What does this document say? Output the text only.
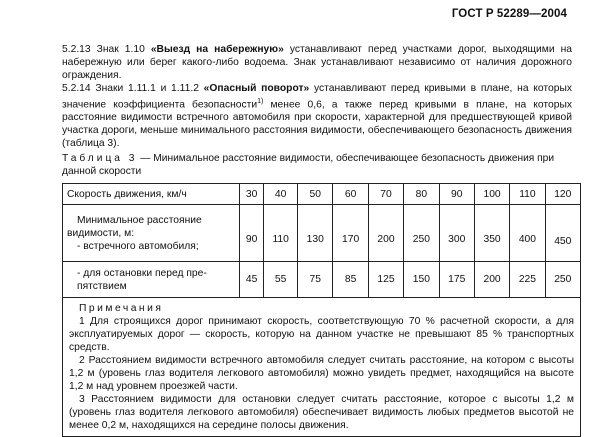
ГОСТ Р 52289—2004
5.2.13 Знак 1.10 «Выезд на набережную» устанавливают перед участками дорог, выходящими на набережную или берег какого-либо водоема. Знак устанавливают независимо от наличия дорожного ограждения.
5.2.14 Знаки 1.11.1 и 1.11.2 «Опасный поворот» устанавливают перед кривыми в плане, на которых значение коэффициента безопасности$^{1)}$ менее 0,6, а также перед кривыми в плане, на которых расстояние видимости встречного автомобиля при скорости, характерной для предшествующей кривой участка дороги, меньше минимального расстояния видимости, обеспечивающего безопасность движения (таблица 3).
Таблица 3 — Минимальное расстояние видимости, обеспечивающее безопасность движения при данной скорости
Скорость движения, км/ч	30	40	50	60	70	80	90	100	110	120

Минимальное расстояние
видимости, м:
- встречного автомобиля;	90	110	130	170	200	250	300	350	400	450

- для остановки перед пре-
пятствием	45	55	75	85	125	150	175	200	225	250

Примечания
1 Для строящихся дорог принимают скорость, соответствующую 70 % расчетной скорости, а для эксплуатируемых дорог — скорость, которую на данном участке не превышают 85 % транспортных средств.
2 Расстоянием видимости встречного автомобиля следует считать расстояние, на котором с высоты 1,2 м (уровень глаз водителя легкового автомобиля) можно увидеть предмет, находящийся на высоте 1,2 м над уровнем проезжей части.
3 Расстоянием видимости для остановки следует считать расстояние, которое с высоты 1,2 м (уровень глаз водителя легкового автомобиля) обеспечивает видимость любых предметов высотой не менее 0,2 м, находящихся на середине полосы движения.										
